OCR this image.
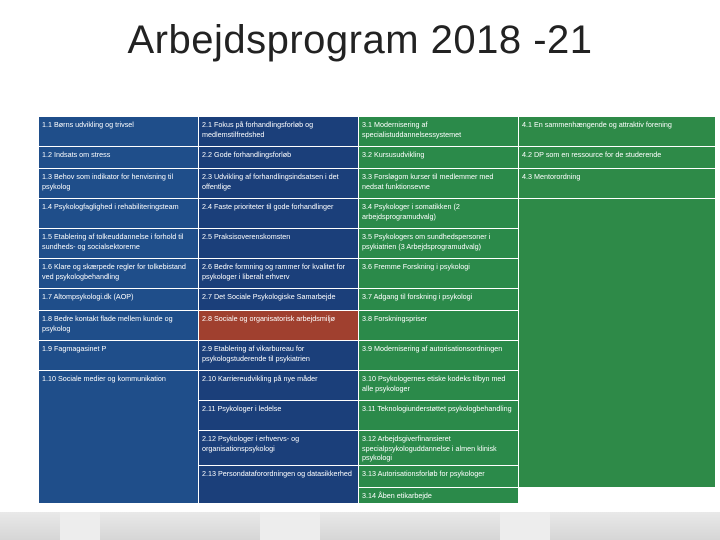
Arbejdsprogram 2018 -21
1. Psykologien skal bruges til gavn for borgere og samfund	2. Psykologerne skal have et godt arbejdsliv	3. Forskning og uddannelse skal udvikle psykologernes praksis	4. Foreningsfællesskabet skal gøre psykologerne stærkere	
1.1 Børns udvikling og trivsel	2.1 Fokus på forhandlingsforløb og medlemstilfredshed	3.1 Modernisering af specialistuddannelsessystemet	4.1 En sammenhængende og attraktiv forening	
1.2 Indsats om stress	2.2 Gode forhandlingsforløb	3.2 Kursusudvikling	4.2 DP som en ressource for de studerende	
1.3 Behov som indikator for henvisning til psykolog	2.3 Udvikling af forhandlingsindsatsen i det offentlige	3.3 Forsløgom kurser til medlemmer med nedsat funktionsevne	4.3 Mentorordning	
1.4 Psykologfaglighed i rehabiliteringsteam	2.4 Faste prioriteter til gode forhandlinger	3.4 Psykologer i somatikken (2 arbejdsprogramudvalg)		
1.5 Etablering af tolkeuddannelse i forhold til sundheds- og socialsektorerne	2.5 Praksisoverenskomsten	3.5 Psykologers om sundhedspersoner i psykiatrien (3 Arbejdsprogramudvalg)		
1.6 Klare og skærpede regler for tolkebistand ved psykologbehandling	2.6 Bedre formning og rammer for kvalitet for psykologer i liberalt erhverv	3.6 Fremme Forskning i psykologi		
1.7 Altompsykologi.dk (AOP)	2.7 Det Sociale Psykologiske Samarbejde	3.7 Adgang til forskning i psykologi		
1.8 Bedre kontakt flade mellem kunde og psykolog	2.8 Sociale og organisatorisk arbejdsmiljø	3.8 Forskningspriser		
1.9 Fagmagasinet P	2.9 Etablering af vikarbureau for psykologstuderende til psykiatrien	3.9 Modernisering af autorisationsordningen		
1.10 Sociale medier og kommunikation	2.10 Karriereudvikling på nye måder	3.10 Psykologernes etiske kodeks tilbyn med alle psykologer		
	2.11 Psykologer i ledelse	3.11 Teknologiunderstøttet psykologbehandling		
	2.12 Psykologer i erhvervs- og organisationspsykologi	3.12 Arbejdsgiverfinansieret specialpsykologuddannelse i almen klinisk psykologi		
	2.13 Persondataforordningen og datasikkerhed	3.13 Autorisationsforløb for psykologer		
		3.14 Åben etikarbejde		
